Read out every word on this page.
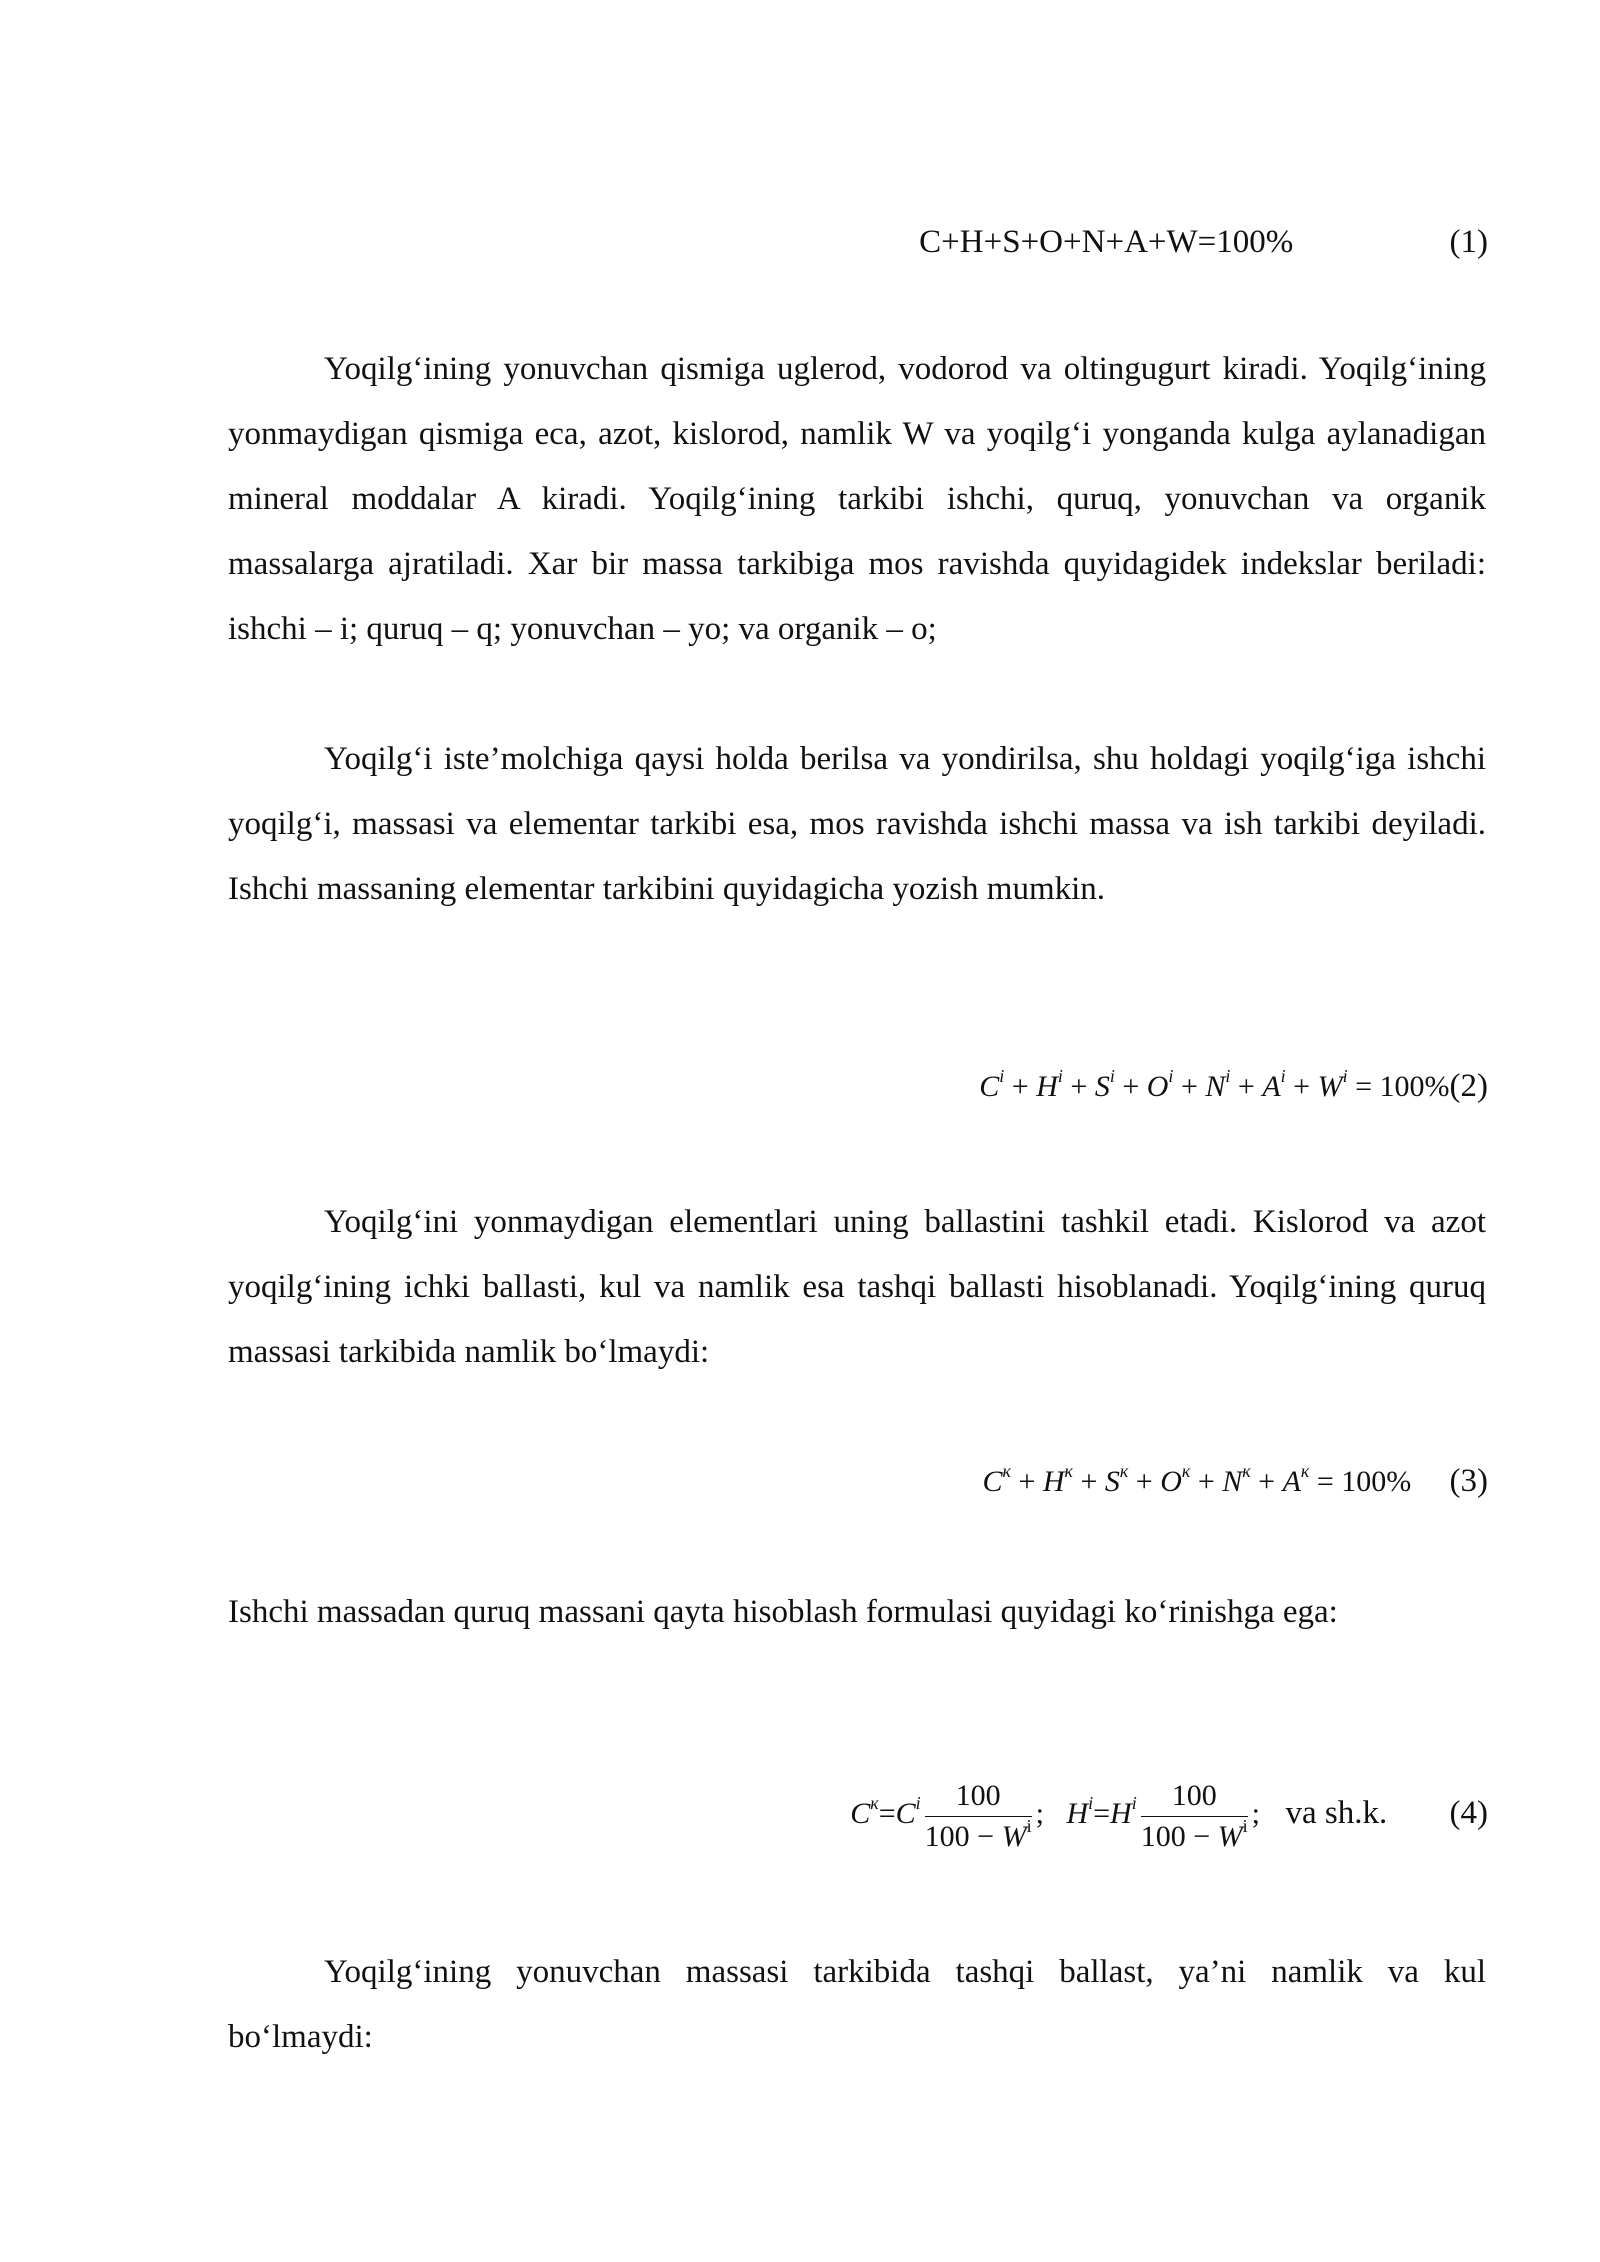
C+H+S+O+N+A+W=100%	(1)

Yoqilg‘ining yonuvchan qismiga uglerod, vodorod va oltingugurt kiradi. Yoqilg‘ining yonmaydigan qismiga eca, azot, kislorod, namlik W va yoqilg‘i yonganda kulga aylanadigan mineral moddalar A kiradi. Yoqilg‘ining tarkibi ishchi, quruq, yonuvchan va organik massalarga ajratiladi. Xar bir massa tarkibiga mos ravishda quyidagidek indekslar beriladi: ishchi – i; quruq – q; yonuvchan – yo; va organik – o;

Yoqilg‘i iste’molchiga qaysi holda berilsa va yondirilsa, shu holdagi yoqilg‘iga ishchi yoqilg‘i, massasi va elementar tarkibi esa, mos ravishda ishchi massa va ish tarkibi deyiladi. Ishchi massaning elementar tarkibini quyidagicha yozish mumkin.

$C^i + H^i + S^i + O^i + N^i + A^i + W^i = 100\%(2)$

Yoqilg‘ini yonmaydigan elementlari uning ballastini tashkil etadi. Kislorod va azot yoqilg‘ining ichki ballasti, kul va namlik esa tashqi ballasti hisoblanadi. Yoqilg‘ining quruq massasi tarkibida namlik bo‘lmaydi:

$C^к + H^к + S^к + O^к + N^к + A^к = 100\%$ (3)

Ishchi massadan quruq massani qayta hisoblash formulasi quyidagi ko‘rinishga ega:

$C^к=C^i \frac{100}{100 - W^i}$ ; $H^i=H^i \frac{100}{100 - W^i}$ ; va sh.k. (4)

Yoqilg‘ining yonuvchan massasi tarkibida tashqi ballast, ya’ni namlik va kul bo‘lmaydi:
